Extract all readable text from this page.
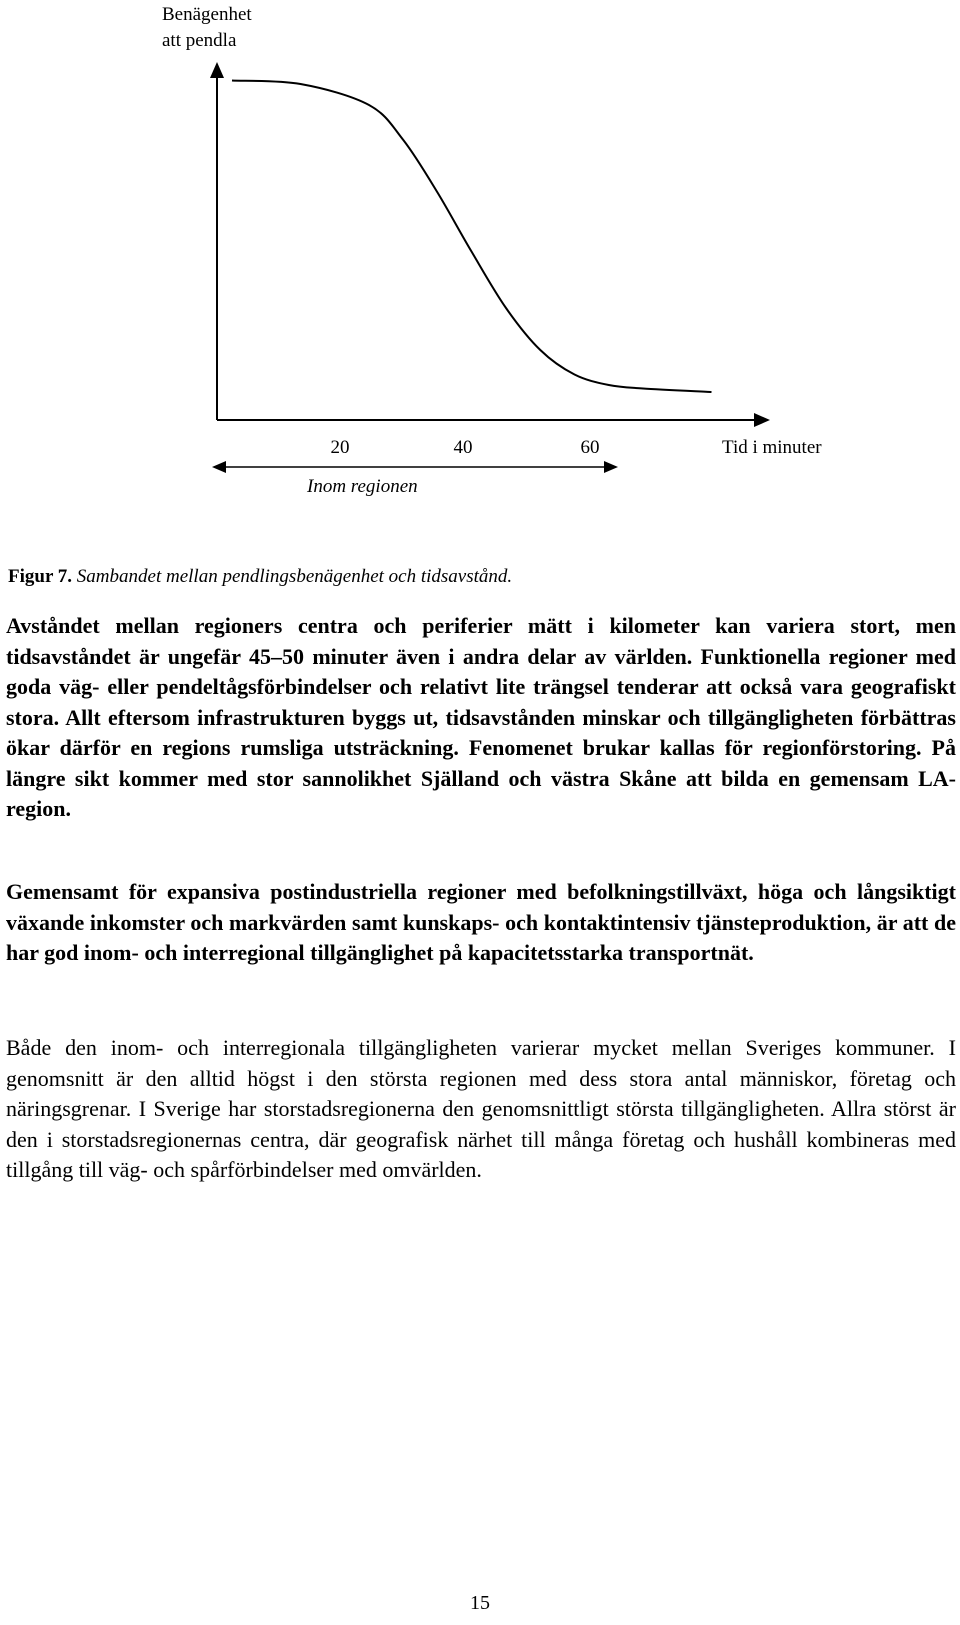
Benägenhet
att pendla
20	40	60	Tid i minuter
Inom regionen

Figur 7. Sambandet mellan pendlingsbenägenhet och tidsavstånd.

Avståndet mellan regioners centra och periferier mätt i kilometer kan variera stort, men tidsavståndet är ungefär 45–50 minuter även i andra delar av världen. Funktionella regioner med goda väg- eller pendeltågsförbindelser och relativt lite trängsel tenderar att också vara geografiskt stora. Allt eftersom infrastrukturen byggs ut, tidsavstånden minskar och tillgängligheten förbättras ökar därför en regions rumsliga utsträckning. Fenomenet brukar kallas för regionförstoring. På längre sikt kommer med stor sannolikhet Själland och västra Skåne att bilda en gemensam LA-region.

Gemensamt för expansiva postindustriella regioner med befolkningstillväxt, höga och långsiktigt växande inkomster och markvärden samt kunskaps- och kontaktintensiv tjänsteproduktion, är att de har god inom- och interregional tillgänglighet på kapacitetsstarka transportnät.

Både den inom- och interregionala tillgängligheten varierar mycket mellan Sveriges kommuner. I genomsnitt är den alltid högst i den största regionen med dess stora antal människor, företag och näringsgrenar. I Sverige har storstadsregionerna den genomsnittligt största tillgängligheten. Allra störst är den i storstadsregionernas centra, där geografisk närhet till många företag och hushåll kombineras med tillgång till väg- och spårförbindelser med omvärlden.

15
